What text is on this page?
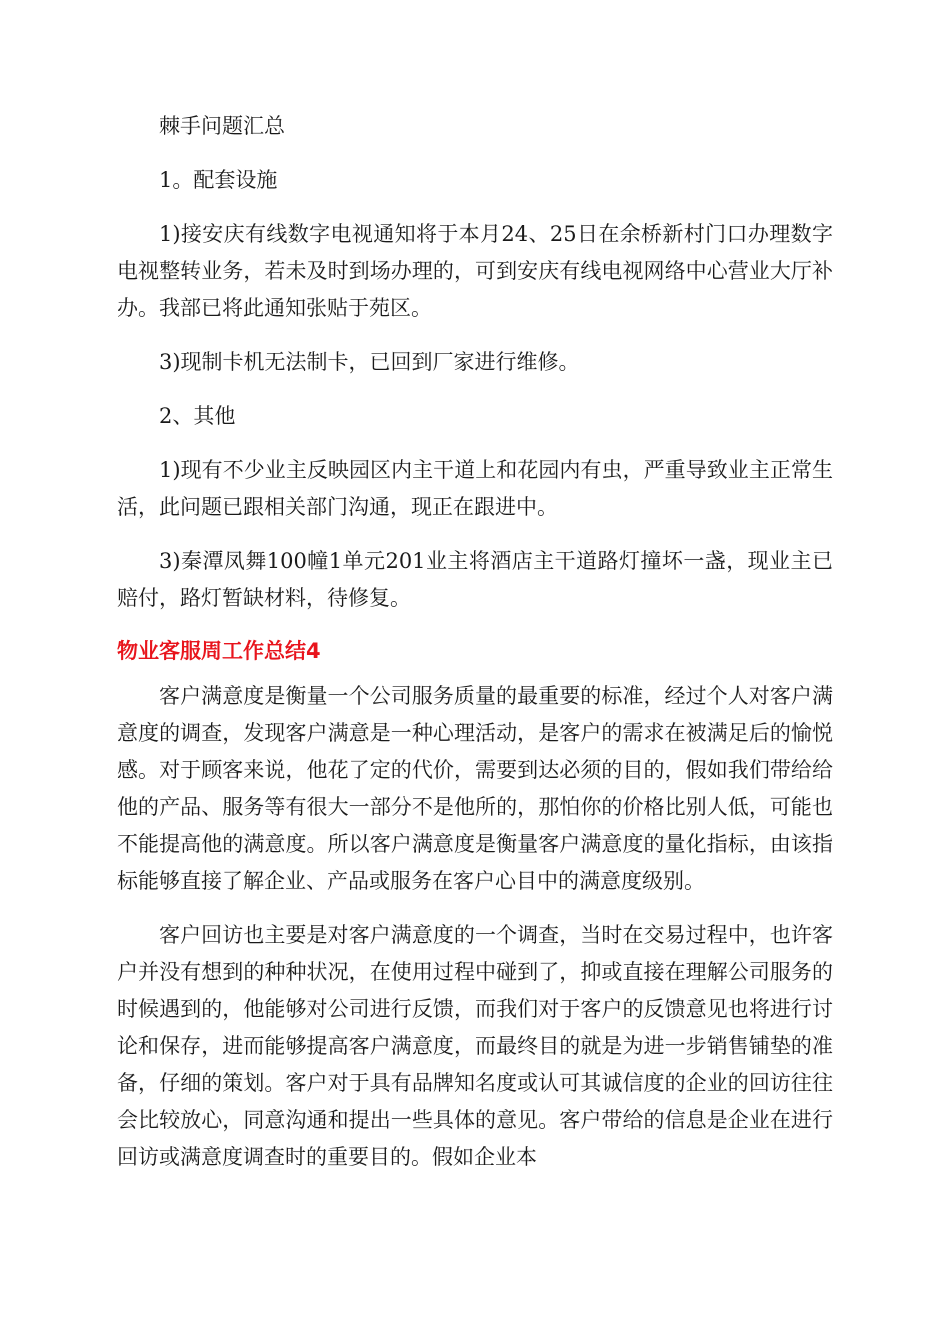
棘手问题汇总

1。配套设施

1)接安庆有线数字电视通知将于本月24、25日在余桥新村门口办理数字电视整转业务，若未及时到场办理的，可到安庆有线电视网络中心营业大厅补办。我部已将此通知张贴于苑区。

3)现制卡机无法制卡，已回到厂家进行维修。

2、其他

1)现有不少业主反映园区内主干道上和花园内有虫，严重导致业主正常生活，此问题已跟相关部门沟通，现正在跟进中。

3)秦潭凤舞100幢1单元201业主将酒店主干道路灯撞坏一盏，现业主已赔付，路灯暂缺材料，待修复。

物业客服周工作总结4

客户满意度是衡量一个公司服务质量的最重要的标准，经过个人对客户满意度的调查，发现客户满意是一种心理活动，是客户的需求在被满足后的愉悦感。对于顾客来说，他花了定的代价，需要到达必须的目的，假如我们带给给他的产品、服务等有很大一部分不是他所的，那怕你的价格比别人低，可能也不能提高他的满意度。所以客户满意度是衡量客户满意度的量化指标，由该指标能够直接了解企业、产品或服务在客户心目中的满意度级别。

客户回访也主要是对客户满意度的一个调查，当时在交易过程中，也许客户并没有想到的种种状况，在使用过程中碰到了，抑或直接在理解公司服务的时候遇到的，他能够对公司进行反馈，而我们对于客户的反馈意见也将进行讨论和保存，进而能够提高客户满意度，而最终目的就是为进一步销售铺垫的准备，仔细的策划。客户对于具有品牌知名度或认可其诚信度的企业的回访往往会比较放心，同意沟通和提出一些具体的意见。客户带给的信息是企业在进行回访或满意度调查时的重要目的。假如企业本
